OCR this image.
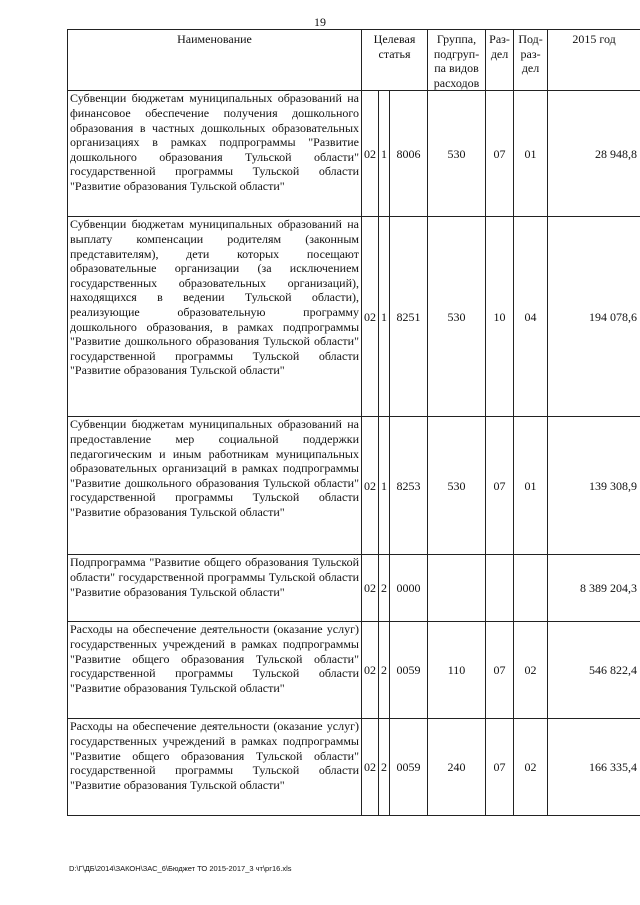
19
Наименование	Целевая статья			Группа, подгруп-па видов расходов	Раз-дел	Под-раз-дел	2015 год
Субвенции бюджетам муниципальных образований на финансовое обеспечение получения дошкольного образования в частных дошкольных образовательных организациях в рамках подпрограммы "Развитие дошкольного образования Тульской области" государственной программы Тульской области "Развитие образования Тульской области"	02	1	8006	530	07	01	28 948,8
Субвенции бюджетам муниципальных образований на выплату компенсации родителям (законным представителям), дети которых посещают образовательные организации (за исключением государственных образовательных организаций), находящихся в ведении Тульской области), реализующие образовательную программу дошкольного образования, в рамках подпрограммы "Развитие дошкольного образования Тульской области" государственной программы Тульской области "Развитие образования Тульской области"	02	1	8251	530	10	04	194 078,6
Субвенции бюджетам муниципальных образований на предоставление мер социальной поддержки педагогическим и иным работникам муниципальных образовательных организаций в рамках подпрограммы "Развитие дошкольного образования Тульской области" государственной программы Тульской области "Развитие образования Тульской области"	02	1	8253	530	07	01	139 308,9
Подпрограмма "Развитие общего образования Тульской области" государственной программы Тульской области "Развитие образования Тульской области"	02	2	0000				8 389 204,3
Расходы на обеспечение деятельности (оказание услуг) государственных учреждений в рамках подпрограммы "Развитие общего образования Тульской области" государственной программы Тульской области "Развитие образования Тульской области"	02	2	0059	110	07	02	546 822,4
Расходы на обеспечение деятельности (оказание услуг) государственных учреждений в рамках подпрограммы "Развитие общего образования Тульской области" государственной программы Тульской области "Развитие образования Тульской области"	02	2	0059	240	07	02	166 335,4
D:\Г\ДБ\2014\ЗАКОН\ЗАС_6\Бюджет ТО 2015-2017_3 чт\рг16.xls
